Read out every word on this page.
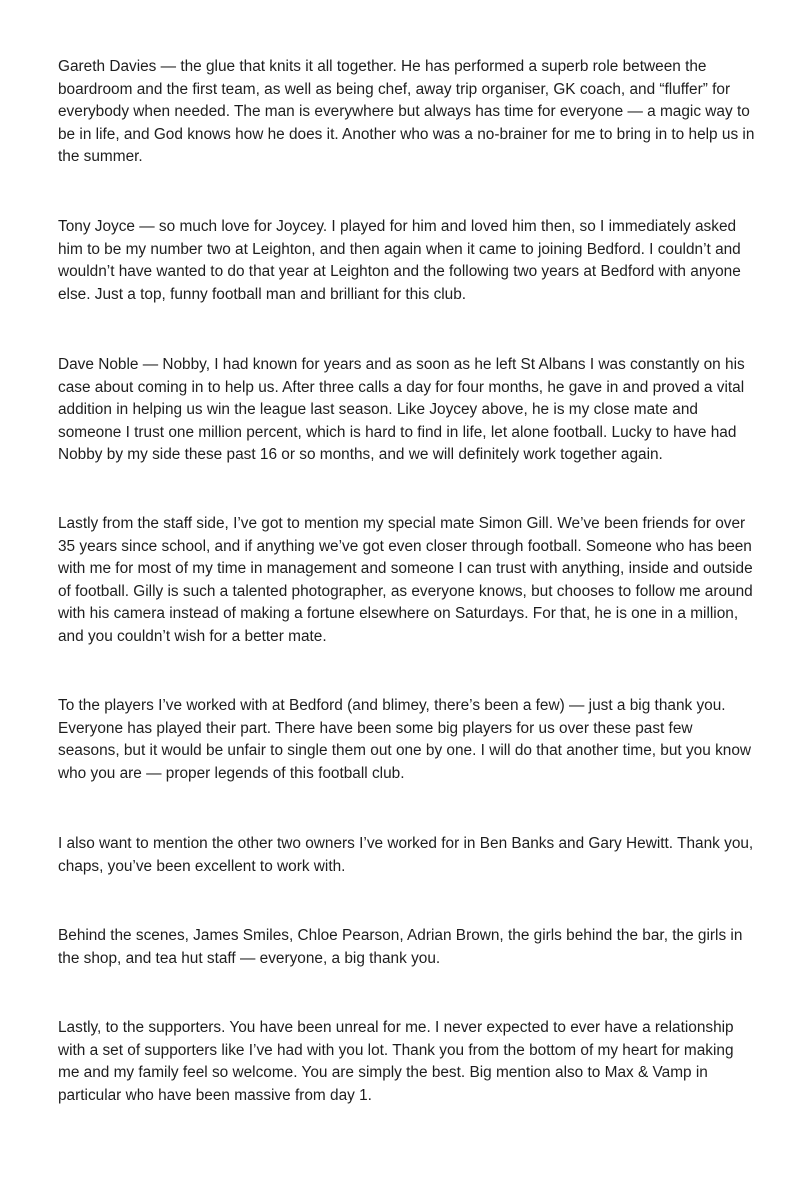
Gareth Davies — the glue that knits it all together. He has performed a superb role between the boardroom and the first team, as well as being chef, away trip organiser, GK coach, and “fluffer” for everybody when needed. The man is everywhere but always has time for everyone — a magic way to be in life, and God knows how he does it. Another who was a no-brainer for me to bring in to help us in the summer.

Tony Joyce — so much love for Joycey. I played for him and loved him then, so I immediately asked him to be my number two at Leighton, and then again when it came to joining Bedford. I couldn’t and wouldn’t have wanted to do that year at Leighton and the following two years at Bedford with anyone else. Just a top, funny football man and brilliant for this club.

Dave Noble — Nobby, I had known for years and as soon as he left St Albans I was constantly on his case about coming in to help us. After three calls a day for four months, he gave in and proved a vital addition in helping us win the league last season. Like Joycey above, he is my close mate and someone I trust one million percent, which is hard to find in life, let alone football. Lucky to have had Nobby by my side these past 16 or so months, and we will definitely work together again.

Lastly from the staff side, I’ve got to mention my special mate Simon Gill. We’ve been friends for over 35 years since school, and if anything we’ve got even closer through football. Someone who has been with me for most of my time in management and someone I can trust with anything, inside and outside of football. Gilly is such a talented photographer, as everyone knows, but chooses to follow me around with his camera instead of making a fortune elsewhere on Saturdays. For that, he is one in a million, and you couldn’t wish for a better mate.

To the players I’ve worked with at Bedford (and blimey, there’s been a few) — just a big thank you. Everyone has played their part. There have been some big players for us over these past few seasons, but it would be unfair to single them out one by one. I will do that another time, but you know who you are — proper legends of this football club.

I also want to mention the other two owners I’ve worked for in Ben Banks and Gary Hewitt. Thank you, chaps, you’ve been excellent to work with.

Behind the scenes, James Smiles, Chloe Pearson, Adrian Brown, the girls behind the bar, the girls in the shop, and tea hut staff — everyone, a big thank you.

Lastly, to the supporters. You have been unreal for me. I never expected to ever have a relationship with a set of supporters like I’ve had with you lot. Thank you from the bottom of my heart for making me and my family feel so welcome. You are simply the best. Big mention also to Max & Vamp in particular who have been massive from day 1.
